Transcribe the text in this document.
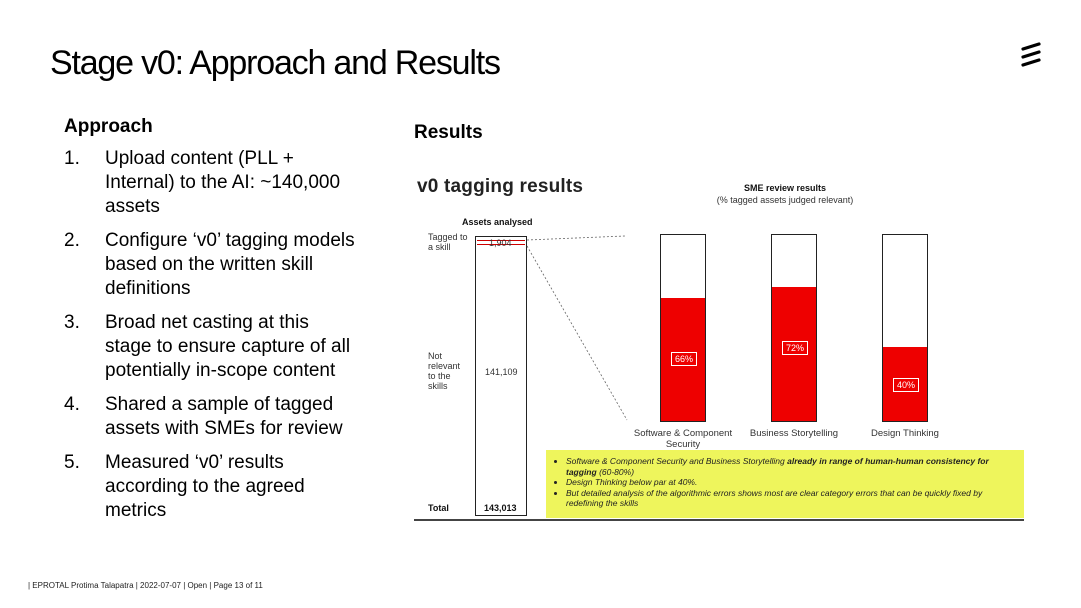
Stage v0: Approach and Results
Approach
1.	Upload content (PLL + Internal) to the AI: ~140,000 assets
2.	Configure ‘v0’ tagging models based on the written skill definitions
3.	Broad net casting at this stage to ensure capture of all potentially in-scope content
4.	Shared a sample of tagged assets with SMEs for review
5.	Measured ‘v0’ results according to the agreed metrics
Results
v0 tagging results	SME review results
(% tagged assets judged relevant)
Assets analysed
Tagged to a skill	1,904
Not relevant to the skills
141,109
Total	143,013
66%
Software & Component Security
72%
Business Storytelling
40%
Design Thinking
• Software & Component Security and Business Storytelling already in range of human-human consistency for tagging (60-80%)
• Design Thinking below par at 40%.
• But detailed analysis of the algorithmic errors shows most are clear category errors that can be quickly fixed by redefining the skills
| EPROTAL Protima Talapatra | 2022-07-07 | Open | Page 13 of 11
